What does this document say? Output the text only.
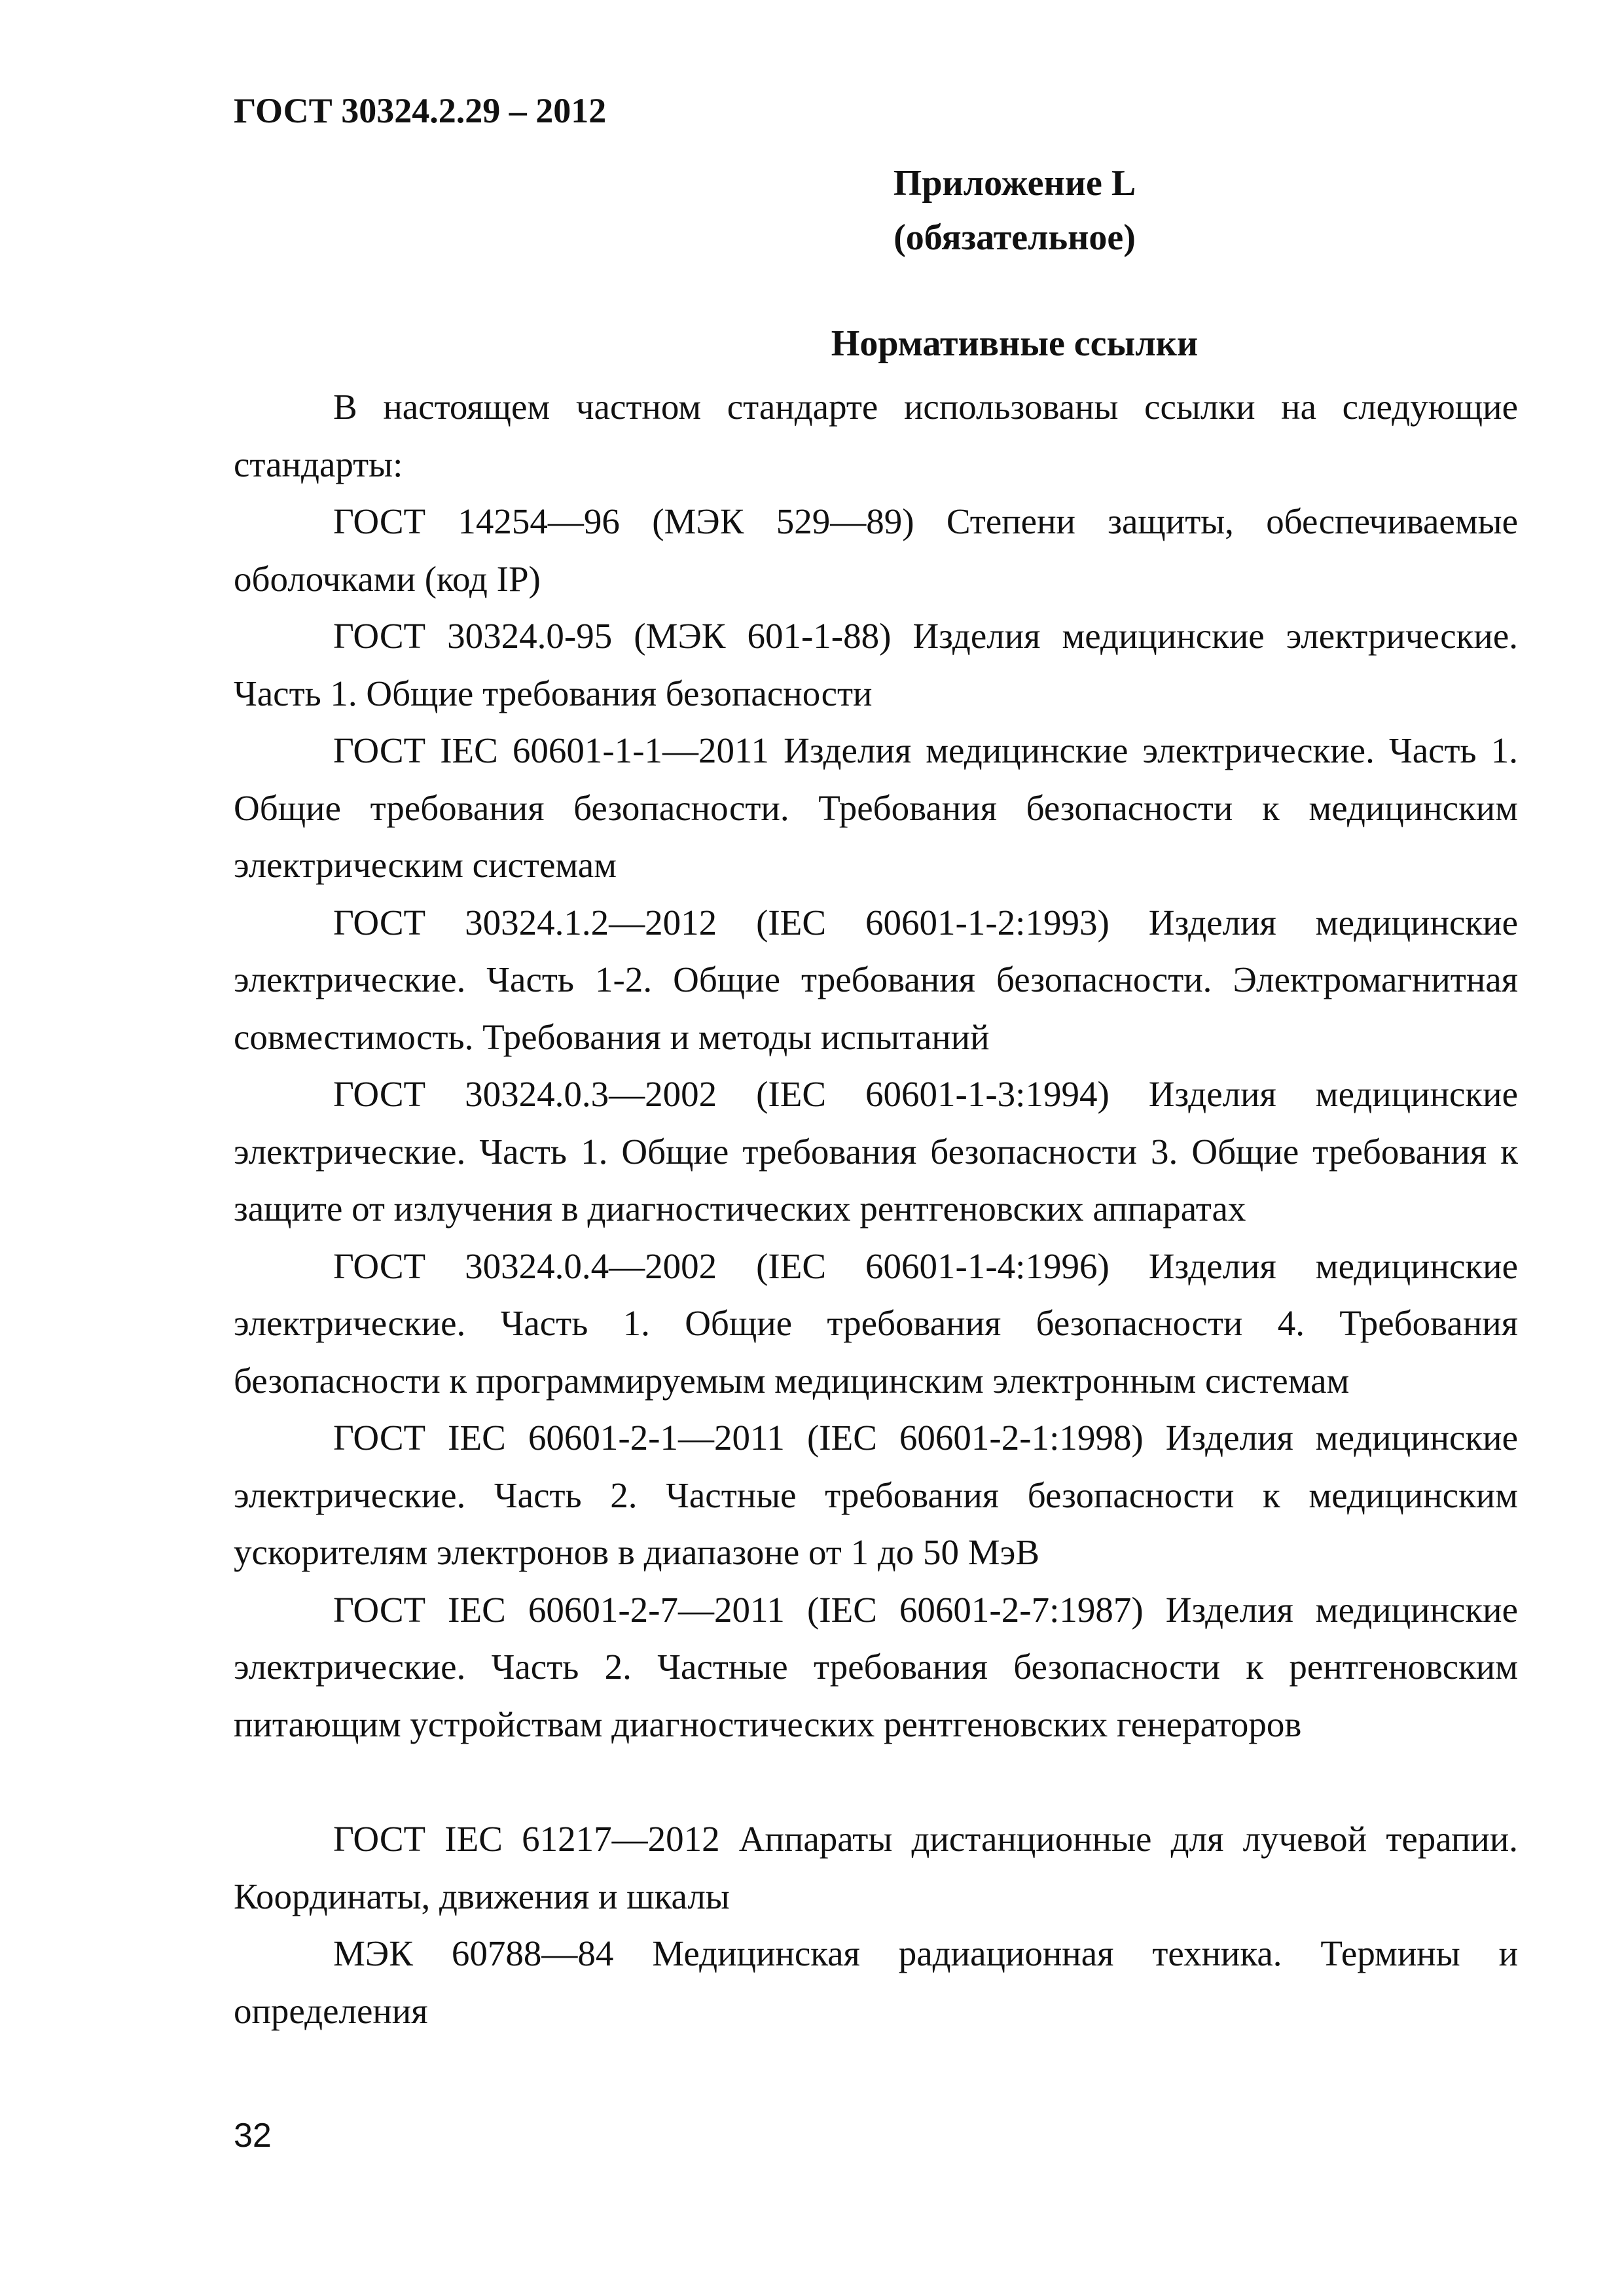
ГОСТ 30324.2.29 – 2012
Приложение L
(обязательное)
Нормативные ссылки

В настоящем частном стандарте использованы ссылки на следующие стандарты:

ГОСТ 14254—96 (МЭК 529—89) Степени защиты, обеспечиваемые оболочками (код IP)

ГОСТ 30324.0-95 (МЭК 601-1-88) Изделия медицинские электрические. Часть 1. Общие требования безопасности

ГОСТ IEC 60601-1-1—2011 Изделия медицинские электрические. Часть 1. Общие требования безопасности. Требования безопасности к медицинским электрическим системам

ГОСТ 30324.1.2—2012 (IEC 60601-1-2:1993) Изделия медицинские электрические. Часть 1-2. Общие требования безопасности. Электромагнитная совместимость. Требования и методы испытаний

ГОСТ 30324.0.3—2002 (IEC 60601-1-3:1994) Изделия медицинские электрические. Часть 1. Общие требования безопасности 3. Общие требования к защите от излучения в диагностических рентгеновских аппаратах

ГОСТ 30324.0.4—2002 (IEC 60601-1-4:1996) Изделия медицинские электрические. Часть 1. Общие требования безопасности 4. Требования безопасности к программируемым медицинским электронным системам

ГОСТ IEC 60601-2-1—2011 (IEC 60601-2-1:1998) Изделия медицинские электрические. Часть 2. Частные требования безопасности к медицинским ускорителям электронов в диапазоне от 1 до 50 МэВ

ГОСТ IEC 60601-2-7—2011 (IEC 60601-2-7:1987) Изделия медицинские электрические. Часть 2. Частные требования безопасности к рентгеновским питающим устройствам диагностических рентгеновских генераторов

ГОСТ IEC 61217—2012 Аппараты дистанционные для лучевой терапии. Координаты, движения и шкалы

МЭК 60788—84 Медицинская радиационная техника. Термины и определения

32
